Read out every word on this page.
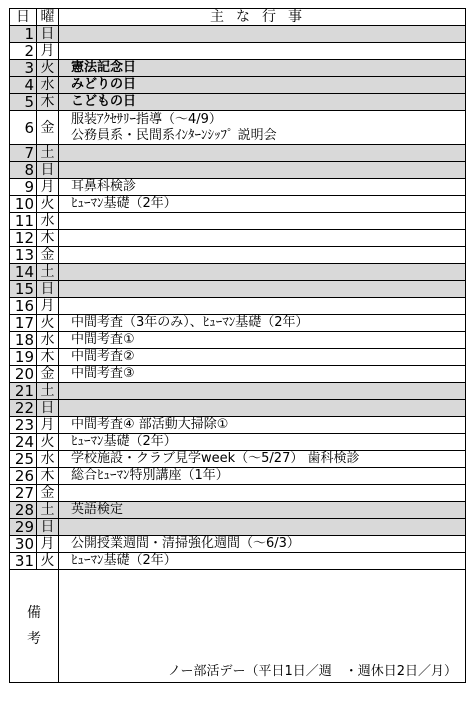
日	曜	主な行事
1	日	
2	月	
3	火	憲法記念日

4	水	みどりの日

5	木	こどもの日

6	金	服装ｱｸｾｻﾘｰ指導（～4/9）
公務員系・民間系ｲﾝﾀｰﾝｼｯﾌﾟ 説明会

7	土	
8	日	
9	月	耳鼻科検診

10	火	ﾋｭｰﾏﾝ基礎（2年）

11	水	
12	木	
13	金	
14	土	
15	日	
16	月	
17	火	中間考査（3年のみ）、ﾋｭｰﾏﾝ基礎（2年）

18	水	中間考査①

19	木	中間考査②

20	金	中間考査③

21	土	
22	日	
23	月	中間考査④ 部活動大掃除①

24	火	ﾋｭｰﾏﾝ基礎（2年）

25	水	学校施設・クラブ見学week（～5/27） 歯科検診

26	木	総合ﾋｭｰﾏﾝ特別講座（1年）

27	金	
28	土	英語検定

29	日	
30	月	公開授業週間・清掃強化週間（～6/3）

31	火	ﾋｭｰﾏﾝ基礎（2年）

備
考		ノー部活デー（平日1日／週　・週休日2日／月）
